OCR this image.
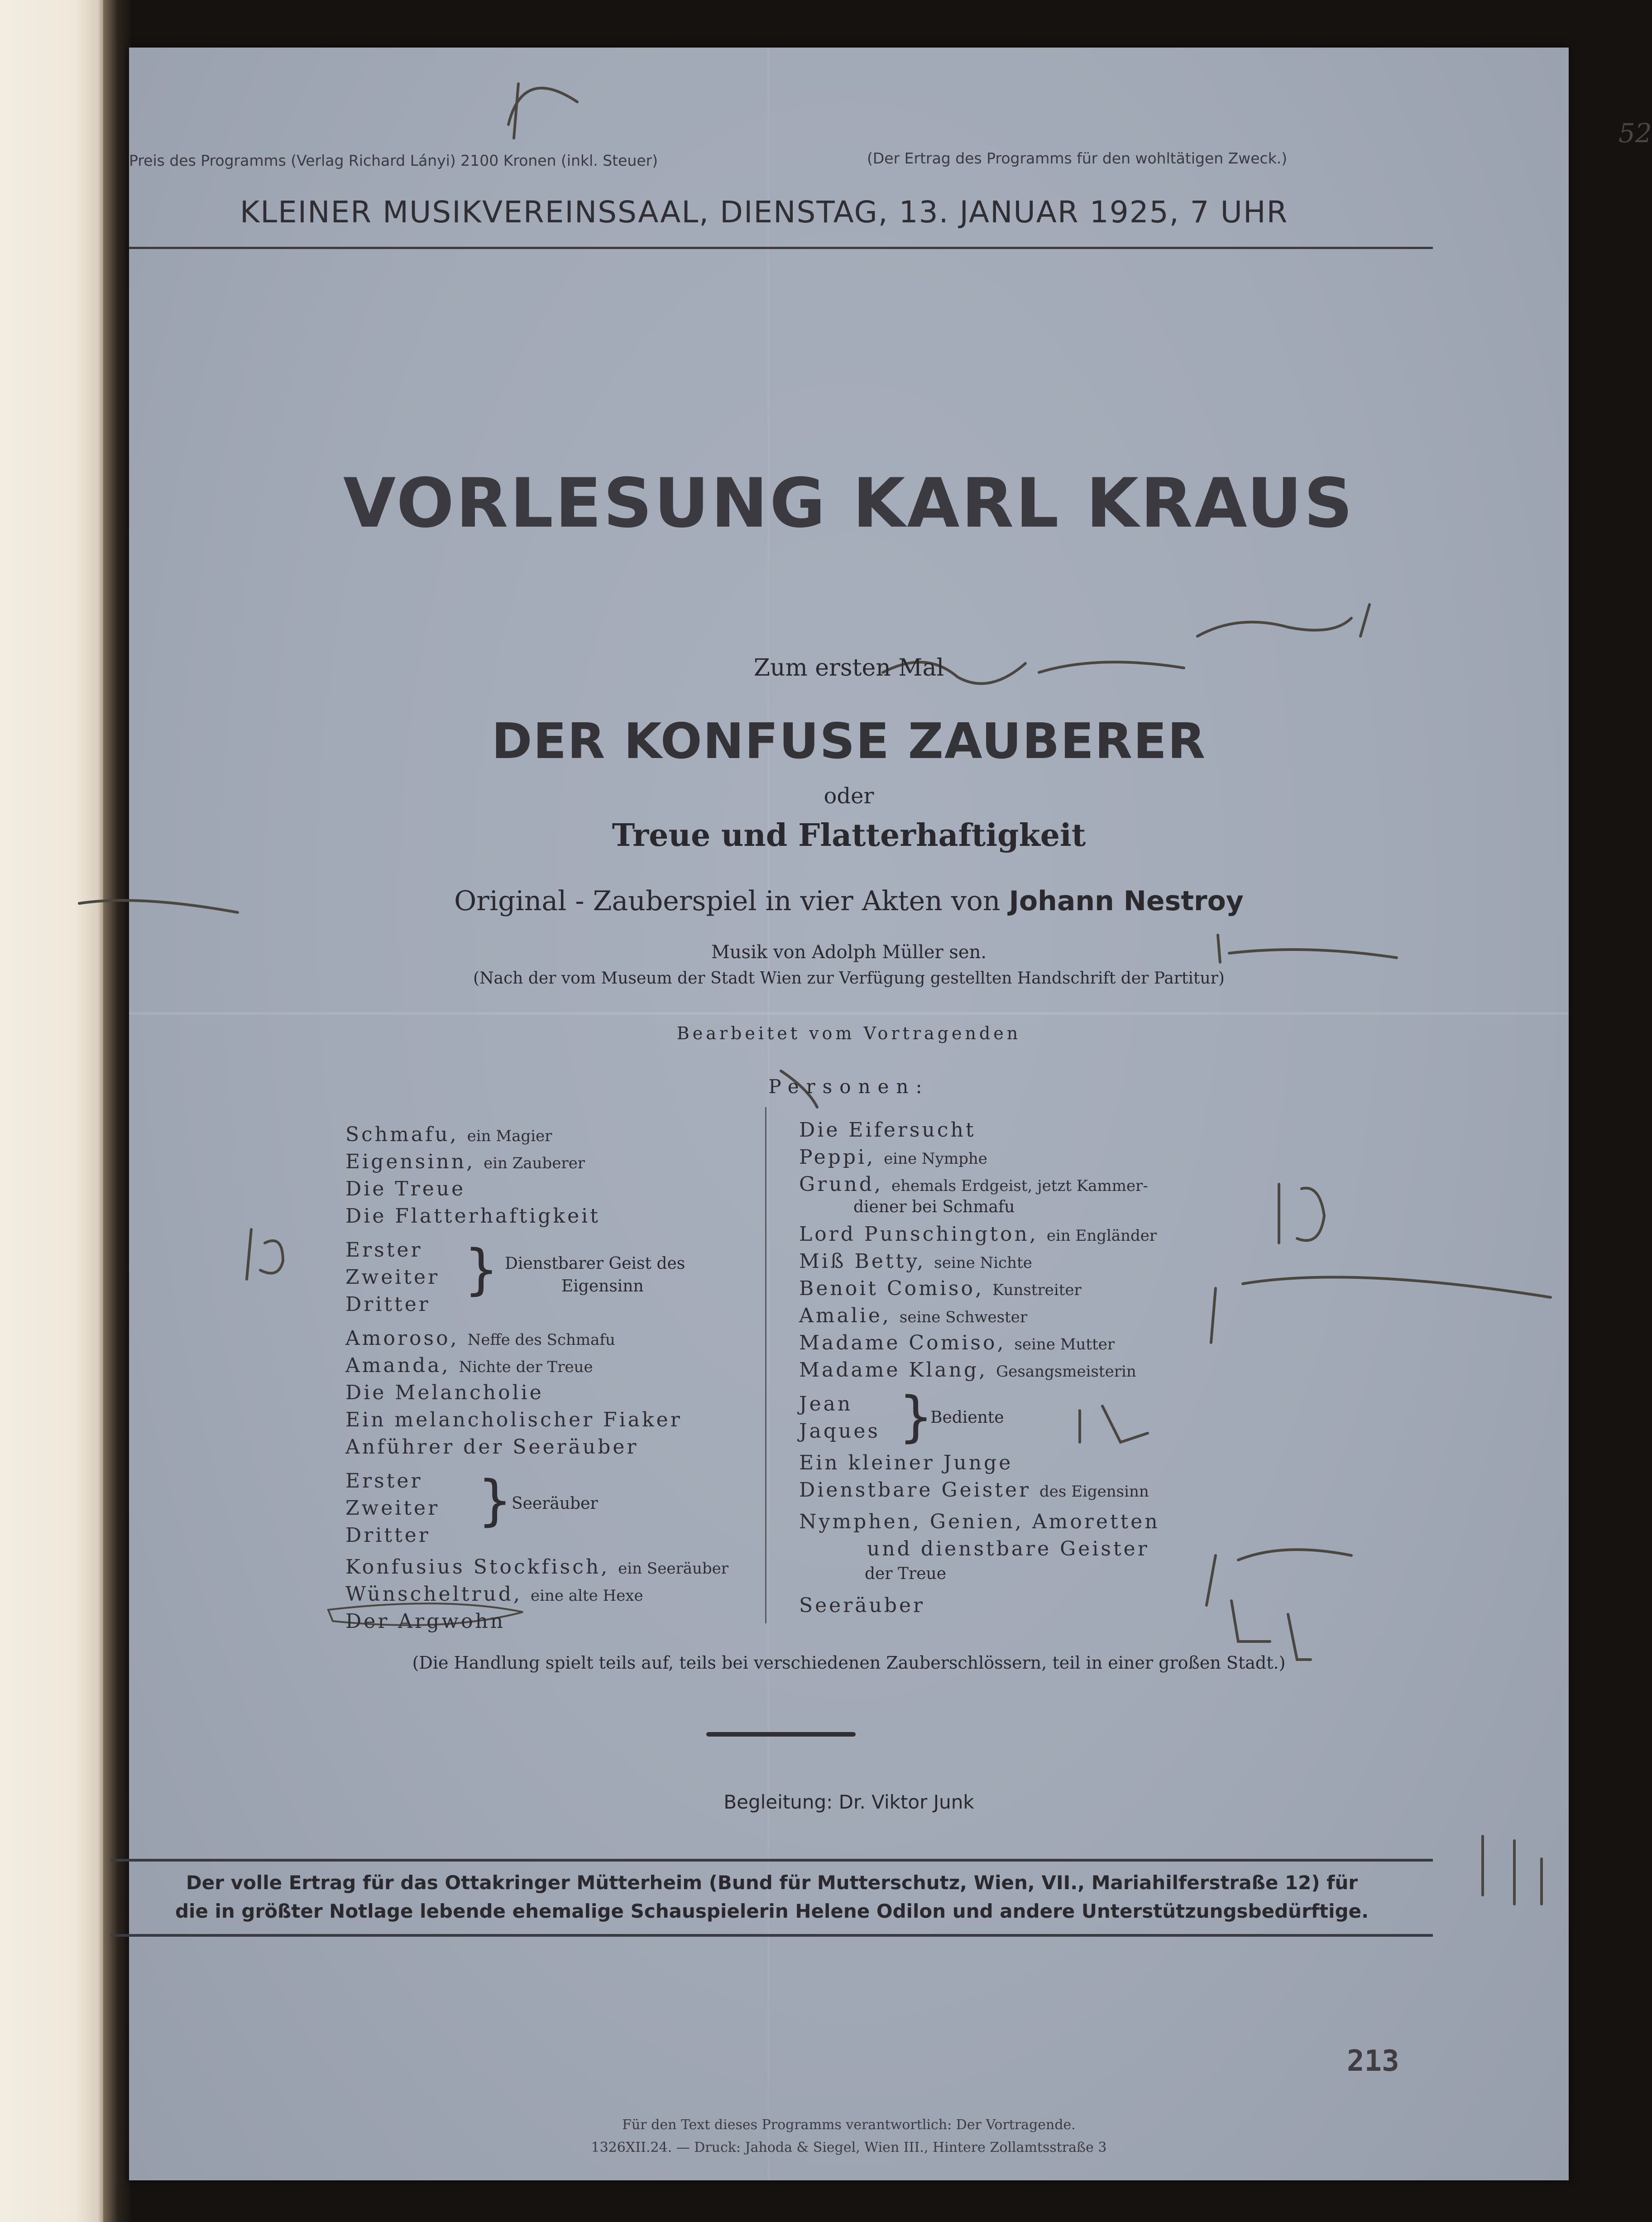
Preis des Programms (Verlag Richard Lányi) 2100 Kronen (inkl. Steuer)	(Der Ertrag des Programms für den wohltätigen Zweck.)
KLEINER MUSIKVEREINSSAAL, DIENSTAG, 13. JANUAR 1925, 7 UHR
52
213
VORLESUNG KARL KRAUS
Zum ersten Mal
DER KONFUSE ZAUBERER
oder
Treue und Flatterhaftigkeit
Original - Zauberspiel in vier Akten von Johann Nestroy
Musik von Adolph Müller sen.
(Nach der vom Museum der Stadt Wien zur Verfügung gestellten Handschrift der Partitur)
Bearbeitet vom Vortragenden
Personen:
Schmafu, ein Magier
Eigensinn, ein Zauberer
Die Treue
Die Flatterhaftigkeit
Erster
Zweiter
Dritter
} Dienstbarer Geist des
Eigensinn
Amoroso, Neffe des Schmafu
Amanda, Nichte der Treue
Die Melancholie
Ein melancholischer Fiaker
Anführer der Seeräuber
Erster
Zweiter
Dritter
}
Seeräuber
Konfusius Stockfisch, ein Seeräuber
Wünscheltrud, eine alte Hexe
Der Argwohn
Die Eifersucht
Peppi, eine Nymphe
Grund, ehemals Erdgeist, jetzt Kammer-
diener bei Schmafu
Lord Punschington, ein Engländer
Miß Betty, seine Nichte
Benoit Comiso, Kunstreiter
Amalie, seine Schwester
Madame Comiso, seine Mutter
Madame Klang, Gesangsmeisterin
Jean
Jaques }
Bediente
Ein kleiner Junge
Dienstbare Geister des Eigensinn
Nymphen, Genien, Amoretten
und dienstbare Geister
der Treue
Seeräuber
(Die Handlung spielt teils auf, teils bei verschiedenen Zauberschlössern, teil in einer großen Stadt.)
Begleitung: Dr. Viktor Junk
Der volle Ertrag für das Ottakringer Mütterheim (Bund für Mutterschutz, Wien, VII., Mariahilferstraße 12) für
die in größter Notlage lebende ehemalige Schauspielerin Helene Odilon und andere Unterstützungsbedürftige.
Für den Text dieses Programms verantwortlich: Der Vortragende.
1326XII.24. — Druck: Jahoda & Siegel, Wien III., Hintere Zollamtsstraße 3
